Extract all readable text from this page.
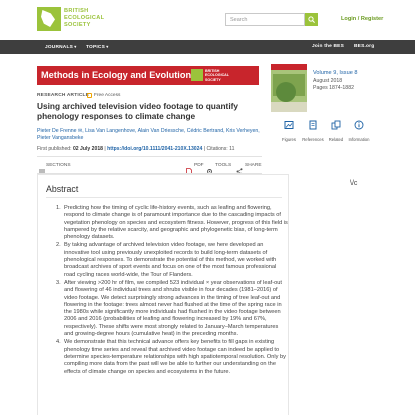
BRITISH
ECOLOGICAL
SOCIETY
Search	Login / Register
JOURNALS ▾ TOPICS ▾	Join the BES BES.org
Methods in Ecology and Evolution	BRITISH
ECOLOGICAL
SOCIETY
Volume 9, Issue 8
August 2018
Pages 1874-1882
RESEARCH ARTICLE Free Access
Using archived television video footage to quantify phenology responses to climate change
Pieter De Frenne ✉, Lisa Van Langenhove, Alain Van Driessche, Cédric Bertrand, Kris Verheyen, Pieter Vangansbeke
First published: 02 July 2018 | https://doi.org/10.1111/2041-210X.13024 | Citations: 11
Figures	References	Related	Information
SECTIONS	PDF TOOLS	SHARE
Abstract
1. Predicting how the timing of cyclic life-history events, such as leafing and flowering, respond to climate change is of paramount importance due to the cascading impacts of vegetation phenology on species and ecosystem fitness. However, progress of this field is hampered by the relative scarcity, and geographic and phylogenetic bias, of long-term phenology datasets.
2. By taking advantage of archived television video footage, we here developed an innovative tool using previously unexploited records to build long-term datasets of phenological responses. To demonstrate the potential of this method, we worked with broadcast archives of sport events and focus on one of the most famous professional road cycling races world-wide, the Tour of Flanders.
3. After viewing >200 hr of film, we compiled 523 individual × year observations of leaf-out and flowering of 46 individual trees and shrubs visible in four decades (1981–2016) of video footage. We detect surprisingly strong advances in the timing of tree leaf-out and flowering in the footage: trees almost never had flushed at the time of the spring race in the 1980s while significantly more individuals had flushed in the video footage between 2006 and 2016 (probabilities of leafing and flowering increased by 19% and 67%, respectively). These shifts were most strongly related to January–March temperatures and growing-degree hours (cumulative heat) in the preceding months.
4. We demonstrate that this technical advance offers key benefits to fill gaps in existing phenology time series and reveal that archived video footage can indeed be applied to determine species-temperature relationships with high spatiotemporal resolution. Only by compiling more data from the past will we be able to further our understanding on the effects of climate change on species and ecosystems in the future.
\/c
